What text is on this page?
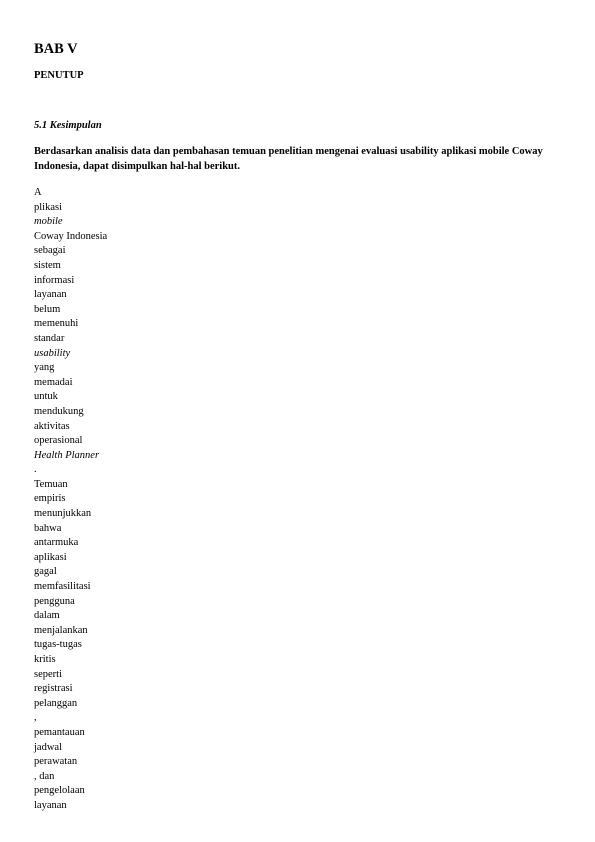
BAB V

PENUTUP

5.1 Kesimpulan

Berdasarkan analisis data dan pembahasan temuan penelitian mengenai evaluasi usability aplikasi mobile Coway Indonesia, dapat disimpulkan hal-hal berikut.

A
plikasi
mobile
Coway Indonesia
sebagai
sistem
informasi
layanan
belum
memenuhi
standar
usability
yang
memadai
untuk
mendukung
aktivitas
operasional
Health Planner
.
Temuan
empiris
menunjukkan
bahwa
antarmuka
aplikasi
gagal
memfasilitasi
pengguna
dalam
menjalankan
tugas-tugas
kritis
seperti
registrasi
pelanggan
,
pemantauan
jadwal
perawatan
, dan
pengelolaan
layanan
